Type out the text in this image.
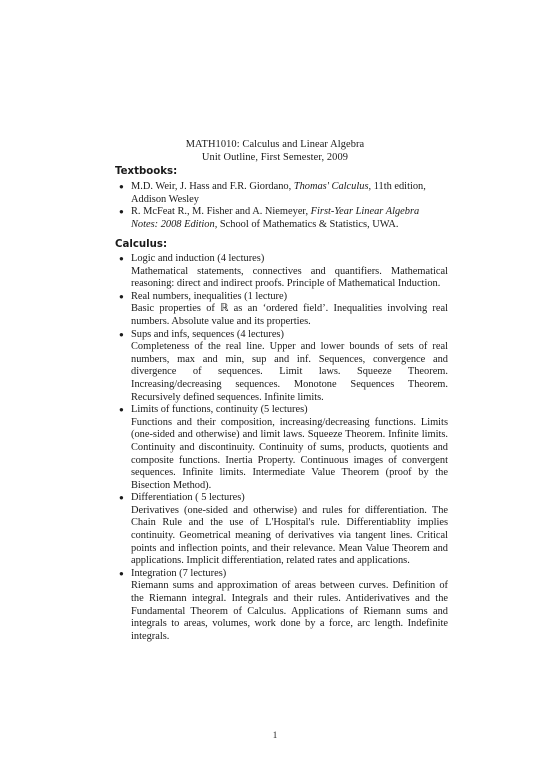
MATH1010: Calculus and Linear Algebra
Unit Outline, First Semester, 2009
Textbooks:
● M.D. Weir, J. Hass and F.R. Giordano, Thomas' Calculus, 11th edition, Addison Wesley
● R. McFeat R., M. Fisher and A. Niemeyer, First-Year Linear Algebra Notes: 2008 Edition, School of Mathematics & Statistics, UWA.
Calculus:
● Logic and induction (4 lectures)
Mathematical statements, connectives and quantifiers. Mathematical reasoning: direct and indirect proofs. Principle of Mathematical Induction.
● Real numbers, inequalities (1 lecture)
Basic properties of ℝ as an ‘ordered field’. Inequalities involving real numbers. Absolute value and its properties.
● Sups and infs, sequences (4 lectures)
Completeness of the real line. Upper and lower bounds of sets of real numbers, max and min, sup and inf. Sequences, convergence and divergence of sequences. Limit laws. Squeeze Theorem. Increasing/decreasing sequences. Monotone Sequences Theorem. Recursively defined sequences. Infinite limits.
● Limits of functions, continuity (5 lectures)
Functions and their composition, increasing/decreasing functions. Limits (one-sided and otherwise) and limit laws. Squeeze Theorem. Infinite limits. Continuity and discontinuity. Continuity of sums, products, quotients and composite functions. Inertia Property. Continuous images of convergent sequences. Infinite limits. Intermediate Value Theorem (proof by the Bisection Method).
● Differentiation ( 5 lectures)
Derivatives (one-sided and otherwise) and rules for differentiation. The Chain Rule and the use of L'Hospital's rule. Differentiablity implies continuity. Geometrical meaning of derivatives via tangent lines. Critical points and inflection points, and their relevance. Mean Value Theorem and applications. Implicit differentiation, related rates and applications.
● Integration (7 lectures)
Riemann sums and approximation of areas between curves. Definition of the Riemann integral. Integrals and their rules. Antiderivatives and the Fundamental Theorem of Calculus. Applications of Riemann sums and integrals to areas, volumes, work done by a force, arc length. Indefinite integrals.
1
